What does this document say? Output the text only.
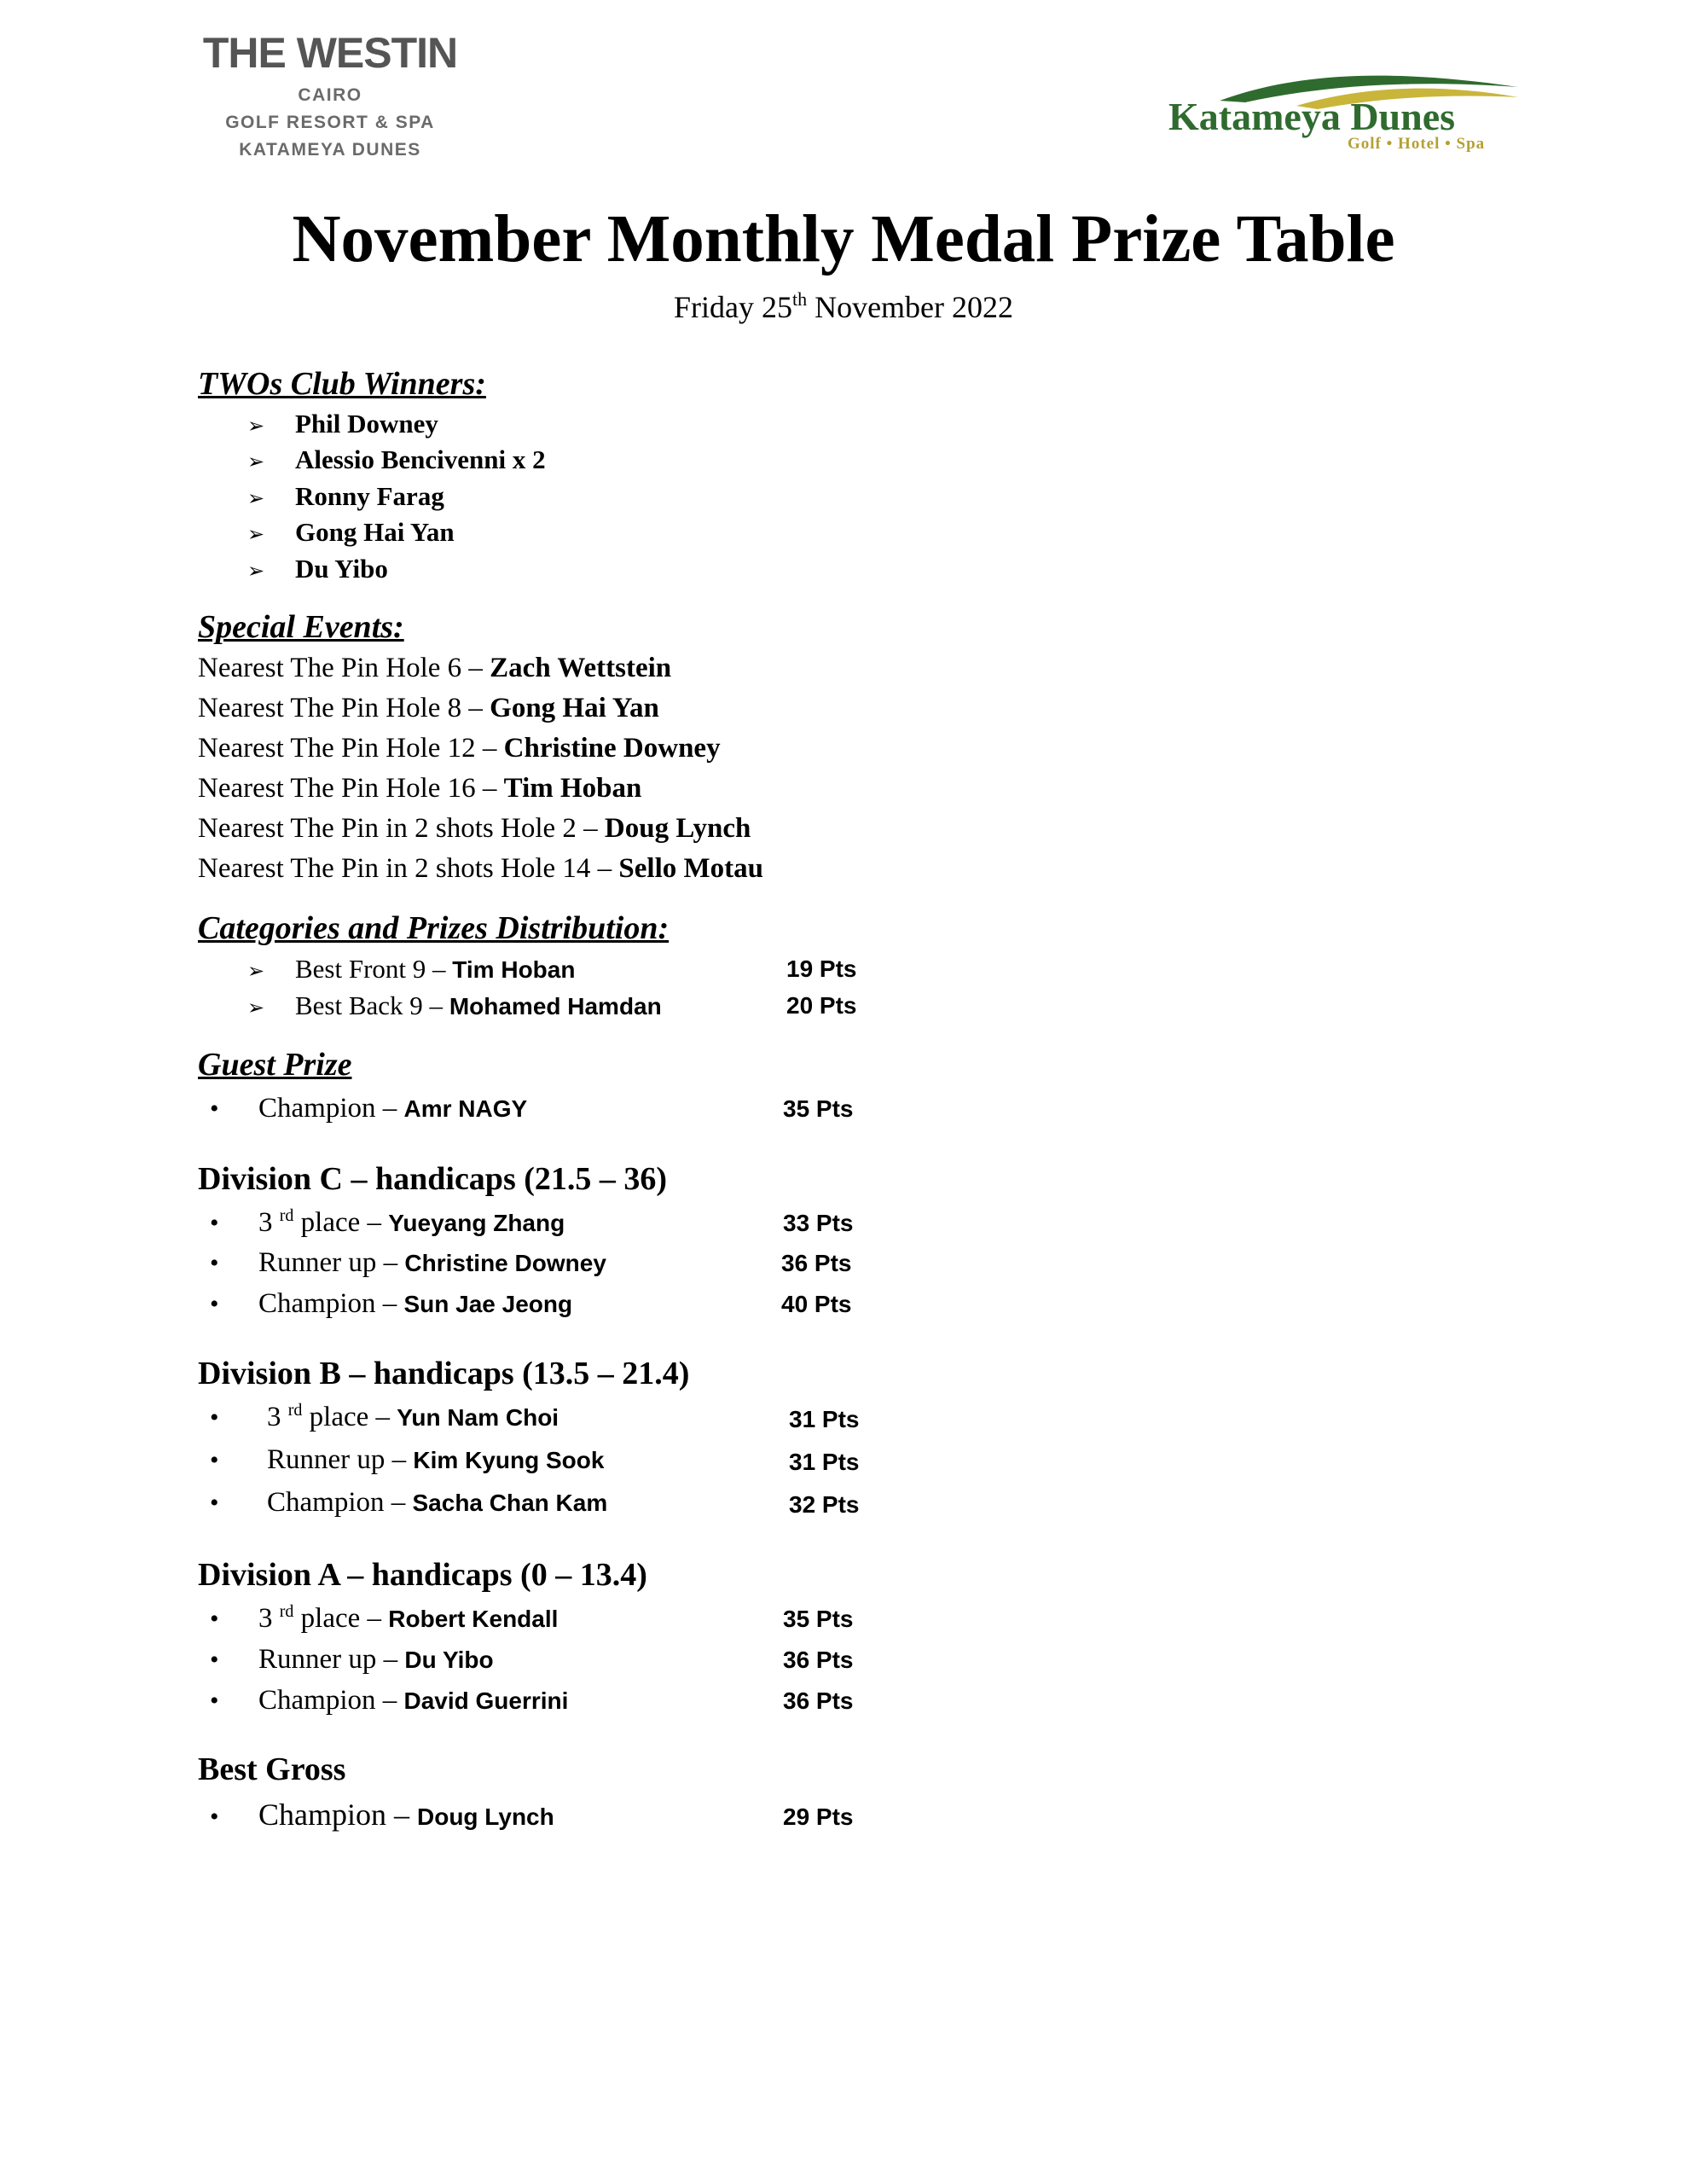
THE WESTIN
CAIRO
GOLF RESORT & SPA
KATAMEYA DUNES
Katameya Dunes
Golf • Hotel • Spa
November Monthly Medal Prize Table
Friday 25th November 2022
TWOs Club Winners:
➢ Phil Downey
➢ Alessio Bencivenni x 2
➢ Ronny Farag
➢ Gong Hai Yan
➢ Du Yibo
Special Events:
Nearest The Pin Hole 6 – Zach Wettstein
Nearest The Pin Hole 8 – Gong Hai Yan
Nearest The Pin Hole 12 – Christine Downey
Nearest The Pin Hole 16 – Tim Hoban
Nearest The Pin in 2 shots Hole 2 – Doug Lynch
Nearest The Pin in 2 shots Hole 14 – Sello Motau
Categories and Prizes Distribution:
➢ Best Front 9 – Tim Hoban	19 Pts
➢ Best Back 9 – Mohamed Hamdan	20 Pts
Guest Prize
• Champion – Amr NAGY	35 Pts
Division C – handicaps (21.5 – 36)
• 3 $^{rd}$ place – Yueyang Zhang	33 Pts
• Runner up – Christine Downey	36 Pts
• Champion – Sun Jae Jeong	40 Pts
Division B – handicaps (13.5 – 21.4)
• 3 $^{rd}$ place – Yun Nam Choi	31 Pts
• Runner up – Kim Kyung Sook	31 Pts
• Champion – Sacha Chan Kam	32 Pts
Division A – handicaps (0 – 13.4)
• 3 $^{rd}$ place – Robert Kendall	35 Pts
• Runner up – Du Yibo	36 Pts
• Champion – David Guerrini	36 Pts
Best Gross
• Champion – Doug Lynch	29 Pts
